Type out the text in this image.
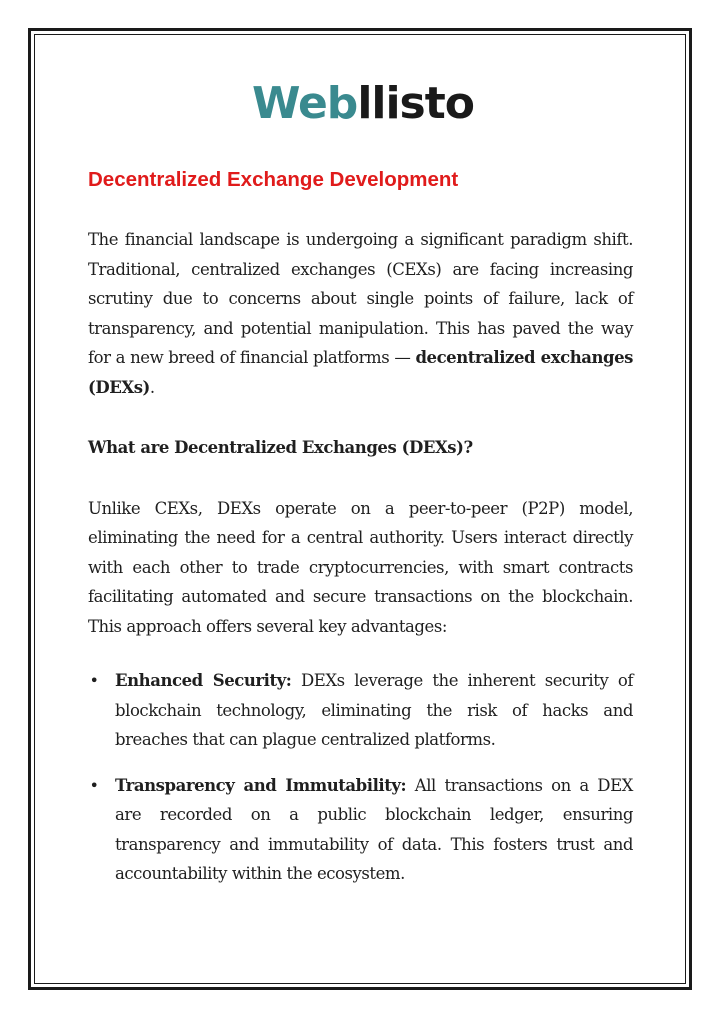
Webllisto
Decentralized Exchange Development

The financial landscape is undergoing a significant paradigm shift. Traditional, centralized exchanges (CEXs) are facing increasing scrutiny due to concerns about single points of failure, lack of transparency, and potential manipulation. This has paved the way for a new breed of financial platforms — decentralized exchanges (DEXs).

What are Decentralized Exchanges (DEXs)?

Unlike CEXs, DEXs operate on a peer-to-peer (P2P) model, eliminating the need for a central authority. Users interact directly with each other to trade cryptocurrencies, with smart contracts facilitating automated and secure transactions on the blockchain. This approach offers several key advantages:

• Enhanced Security: DEXs leverage the inherent security of blockchain technology, eliminating the risk of hacks and breaches that can plague centralized platforms.
• Transparency and Immutability: All transactions on a DEX are recorded on a public blockchain ledger, ensuring transparency and immutability of data. This fosters trust and accountability within the ecosystem.
